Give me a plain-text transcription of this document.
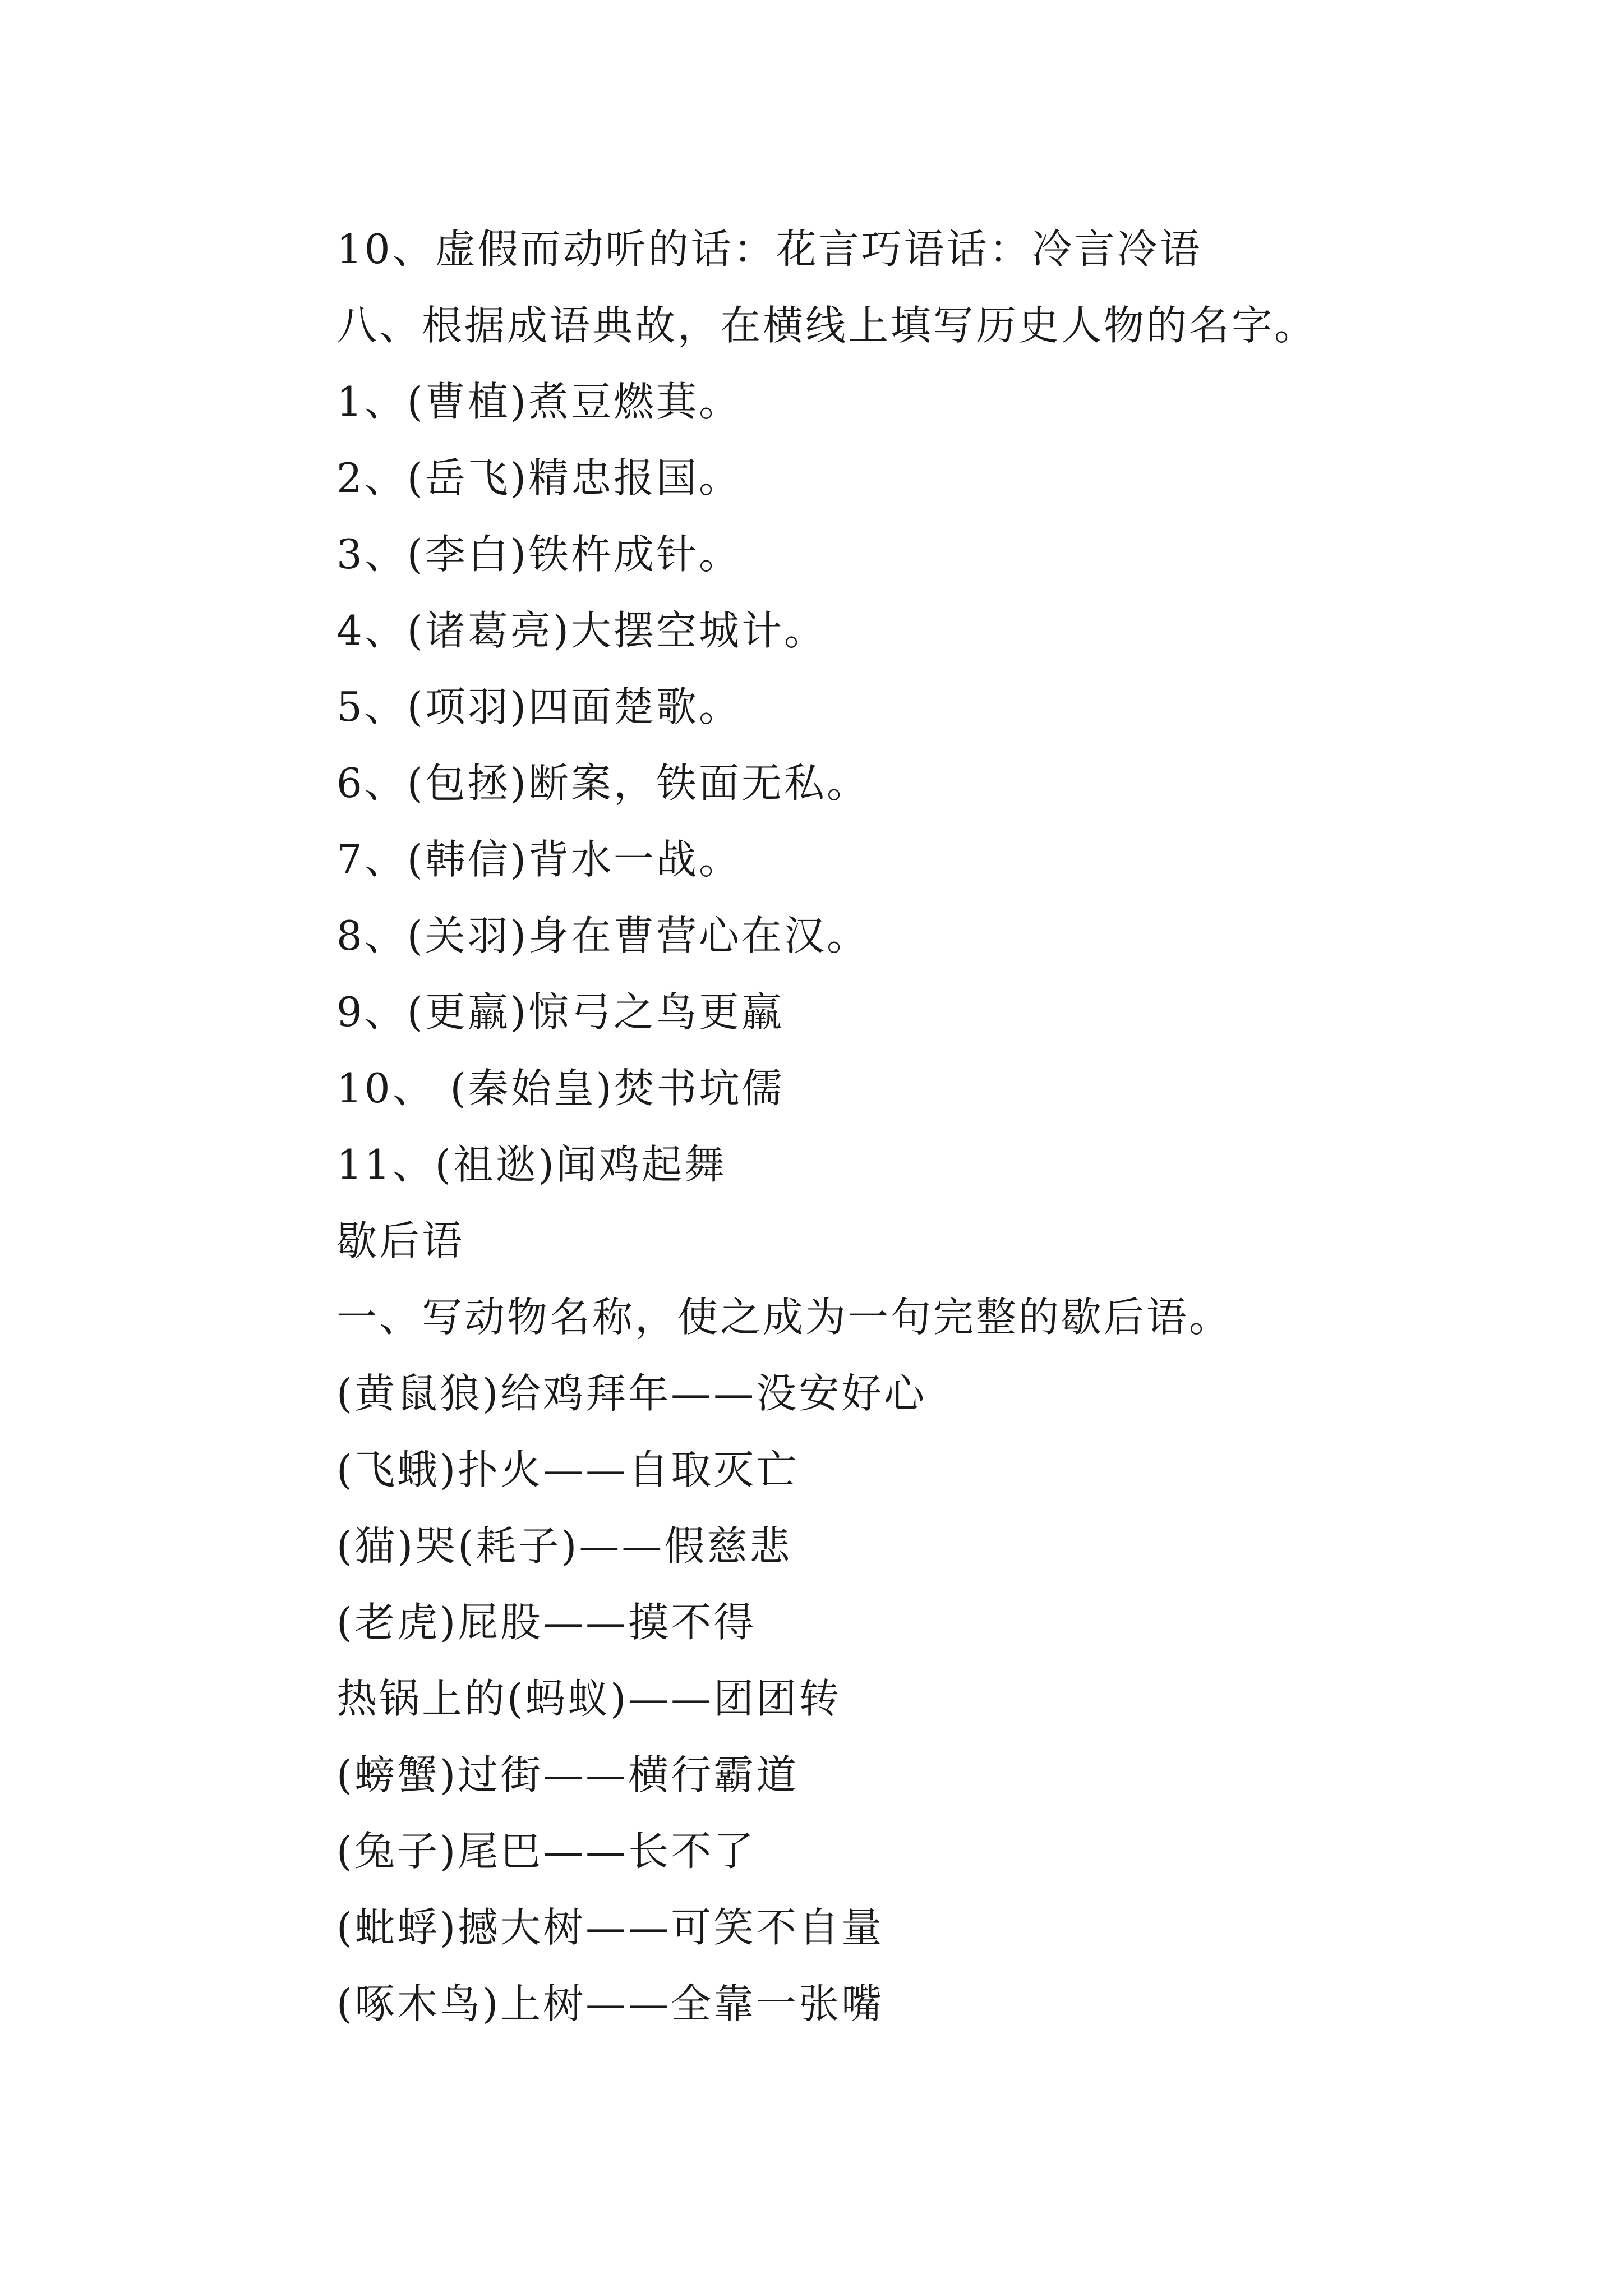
10、虚假而动听的话：花言巧语话：冷言冷语
八、根据成语典故，在横线上填写历史人物的名字。
1、(曹植)煮豆燃萁。
2、(岳飞)精忠报国。
3、(李白)铁杵成针。
4、(诸葛亮)大摆空城计。
5、(项羽)四面楚歌。
6、(包拯)断案，铁面无私。
7、(韩信)背水一战。
8、(关羽)身在曹营心在汉。
9、(更羸)惊弓之鸟更羸
10、 (秦始皇)焚书坑儒
11、(祖逖)闻鸡起舞
歇后语
一、写动物名称，使之成为一句完整的歇后语。
(黄鼠狼)给鸡拜年——没安好心
(飞蛾)扑火——自取灭亡
(猫)哭(耗子)——假慈悲
(老虎)屁股——摸不得
热锅上的(蚂蚁)——团团转
(螃蟹)过街——横行霸道
(兔子)尾巴——长不了
(蚍蜉)撼大树——可笑不自量
(啄木鸟)上树——全靠一张嘴
